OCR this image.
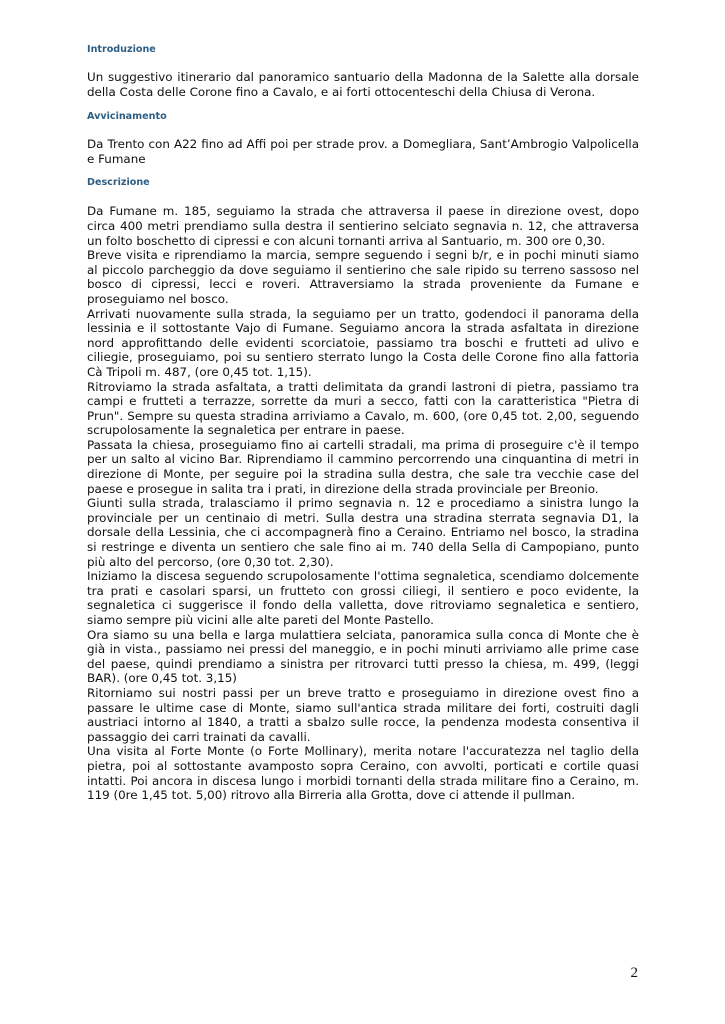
Introduzione

Un suggestivo itinerario dal panoramico santuario della Madonna de la Salette alla dorsale della Costa delle Corone fino a Cavalo, e ai forti ottocenteschi della Chiusa di Verona.

Avvicinamento

Da Trento con A22 fino ad Affi poi per strade prov. a Domegliara, Sant’Ambrogio Valpolicella e Fumane

Descrizione

Da Fumane m. 185, seguiamo la strada che attraversa il paese in direzione ovest, dopo circa 400 metri prendiamo sulla destra il sentierino selciato segnavia n. 12, che attraversa un folto boschetto di cipressi e con alcuni tornanti arriva al Santuario, m. 300 ore 0,30.

Breve visita e riprendiamo la marcia, sempre seguendo i segni b/r, e in pochi minuti siamo al piccolo parcheggio da dove seguiamo il sentierino che sale ripido su terreno sassoso nel bosco di cipressi, lecci e roveri. Attraversiamo la strada proveniente da Fumane e proseguiamo nel bosco.

Arrivati nuovamente sulla strada, la seguiamo per un tratto, godendoci il panorama della lessinia e il sottostante Vajo di Fumane. Seguiamo ancora la strada asfaltata in direzione nord approfittando delle evidenti scorciatoie, passiamo tra boschi e frutteti ad ulivo e ciliegie, proseguiamo, poi su sentiero sterrato lungo la Costa delle Corone fino alla fattoria Cà Tripoli m. 487, (ore 0,45 tot. 1,15).

Ritroviamo la strada asfaltata, a tratti delimitata da grandi lastroni di pietra, passiamo tra campi e frutteti a terrazze, sorrette da muri a secco, fatti con la caratteristica "Pietra di Prun". Sempre su questa stradina arriviamo a Cavalo, m. 600, (ore 0,45 tot. 2,00, seguendo scrupolosamente la segnaletica per entrare in paese.

Passata la chiesa, proseguiamo fino ai cartelli stradali, ma prima di proseguire c'è il tempo per un salto al vicino Bar. Riprendiamo il cammino percorrendo una cinquantina di metri in direzione di Monte, per seguire poi la stradina sulla destra, che sale tra vecchie case del paese e prosegue in salita tra i prati, in direzione della strada provinciale per Breonio.

Giunti sulla strada, tralasciamo il primo segnavia n. 12 e procediamo a sinistra lungo la provinciale per un centinaio di metri. Sulla destra una stradina sterrata segnavia D1, la dorsale della Lessinia, che ci accompagnerà fino a Ceraino. Entriamo nel bosco, la stradina si restringe e diventa un sentiero che sale fino ai m. 740 della Sella di Campopiano, punto più alto del percorso, (ore 0,30 tot. 2,30).

Iniziamo la discesa seguendo scrupolosamente l'ottima segnaletica, scendiamo dolcemente tra prati e casolari sparsi, un frutteto con grossi ciliegi, il sentiero e poco evidente, la segnaletica ci suggerisce il fondo della valletta, dove ritroviamo segnaletica e sentiero, siamo sempre più vicini alle alte pareti del Monte Pastello.

Ora siamo su una bella e larga mulattiera selciata, panoramica sulla conca di Monte che è già in vista., passiamo nei pressi del maneggio, e in pochi minuti arriviamo alle prime case del paese, quindi prendiamo a sinistra per ritrovarci tutti presso la chiesa, m. 499, (leggi BAR). (ore 0,45 tot. 3,15)

Ritorniamo sui nostri passi per un breve tratto e proseguiamo in direzione ovest fino a passare le ultime case di Monte, siamo sull'antica strada militare dei forti, costruiti dagli austriaci intorno al 1840, a tratti a sbalzo sulle rocce, la pendenza modesta consentiva il passaggio dei carri trainati da cavalli.

Una visita al Forte Monte (o Forte Mollinary), merita notare l'accuratezza nel taglio della pietra, poi al sottostante avamposto sopra Ceraino, con avvolti, porticati e cortile quasi intatti. Poi ancora in discesa lungo i morbidi tornanti della strada militare fino a Ceraino, m. 119 (0re 1,45 tot. 5,00) ritrovo alla Birreria alla Grotta, dove ci attende il pullman.

2
